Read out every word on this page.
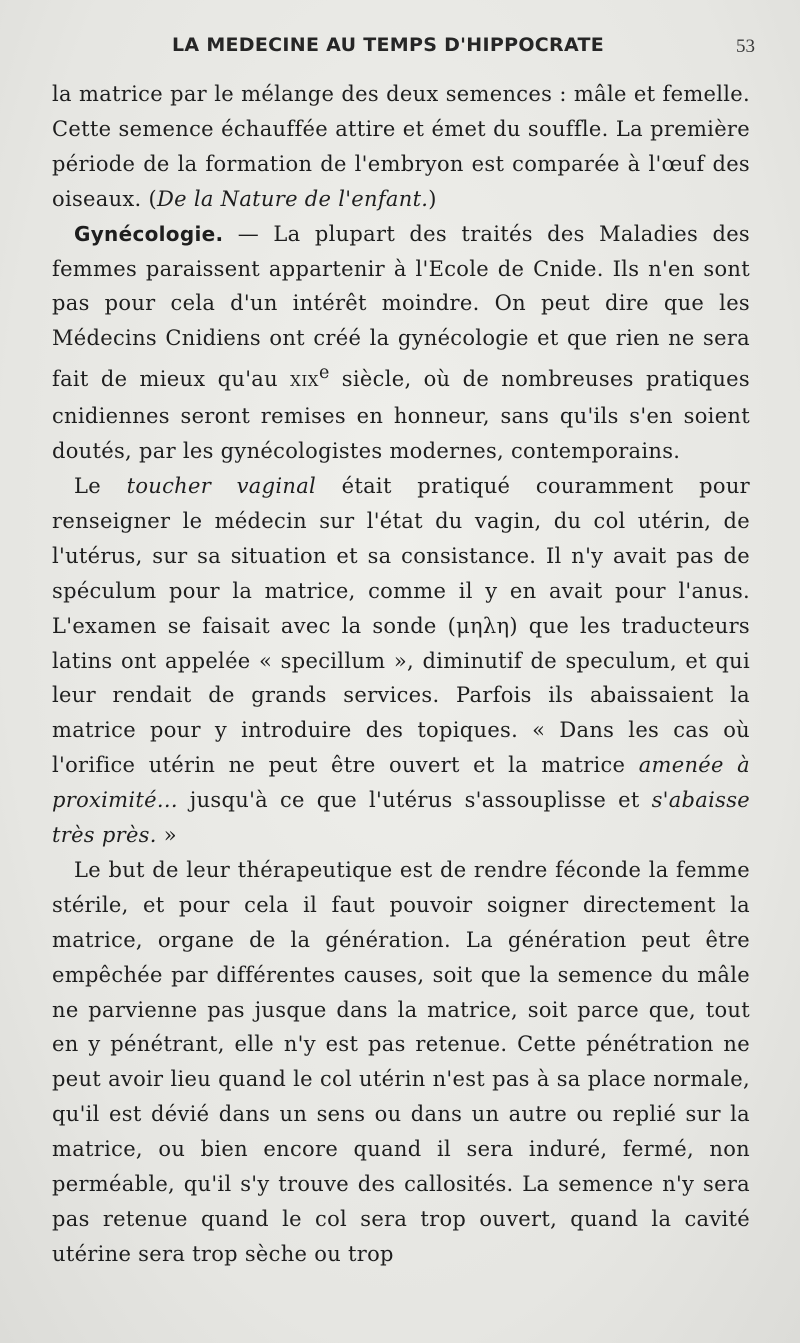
LA MEDECINE AU TEMPS D'HIPPOCRATE	53

la matrice par le mélange des deux semences : mâle et femelle. Cette semence échauffée attire et émet du souffle. La première période de la formation de l'embryon est comparée à l'œuf des oiseaux. (De la Nature de l'enfant.)

Gynécologie. — La plupart des traités des Maladies des femmes paraissent appartenir à l'Ecole de Cnide. Ils n'en sont pas pour cela d'un intérêt moindre. On peut dire que les Médecins Cnidiens ont créé la gynécologie et que rien ne sera fait de mieux qu'au XIXe siècle, où de nombreuses pratiques cnidiennes seront remises en honneur, sans qu'ils s'en soient doutés, par les gynécologistes modernes, contemporains.

Le toucher vaginal était pratiqué couramment pour renseigner le médecin sur l'état du vagin, du col utérin, de l'utérus, sur sa situation et sa consistance. Il n'y avait pas de spéculum pour la matrice, comme il y en avait pour l'anus. L'examen se faisait avec la sonde (μηλη) que les traducteurs latins ont appelée « specillum », diminutif de speculum, et qui leur rendait de grands services. Parfois ils abaissaient la matrice pour y introduire des topiques. « Dans les cas où l'orifice utérin ne peut être ouvert et la matrice amenée à proximité... jusqu'à ce que l'utérus s'assouplisse et s'abaisse très près. »

Le but de leur thérapeutique est de rendre féconde la femme stérile, et pour cela il faut pouvoir soigner directement la matrice, organe de la génération. La génération peut être empêchée par différentes causes, soit que la semence du mâle ne parvienne pas jusque dans la matrice, soit parce que, tout en y pénétrant, elle n'y est pas retenue. Cette pénétration ne peut avoir lieu quand le col utérin n'est pas à sa place normale, qu'il est dévié dans un sens ou dans un autre ou replié sur la matrice, ou bien encore quand il sera induré, fermé, non perméable, qu'il s'y trouve des callosités. La semence n'y sera pas retenue quand le col sera trop ouvert, quand la cavité utérine sera trop sèche ou trop
